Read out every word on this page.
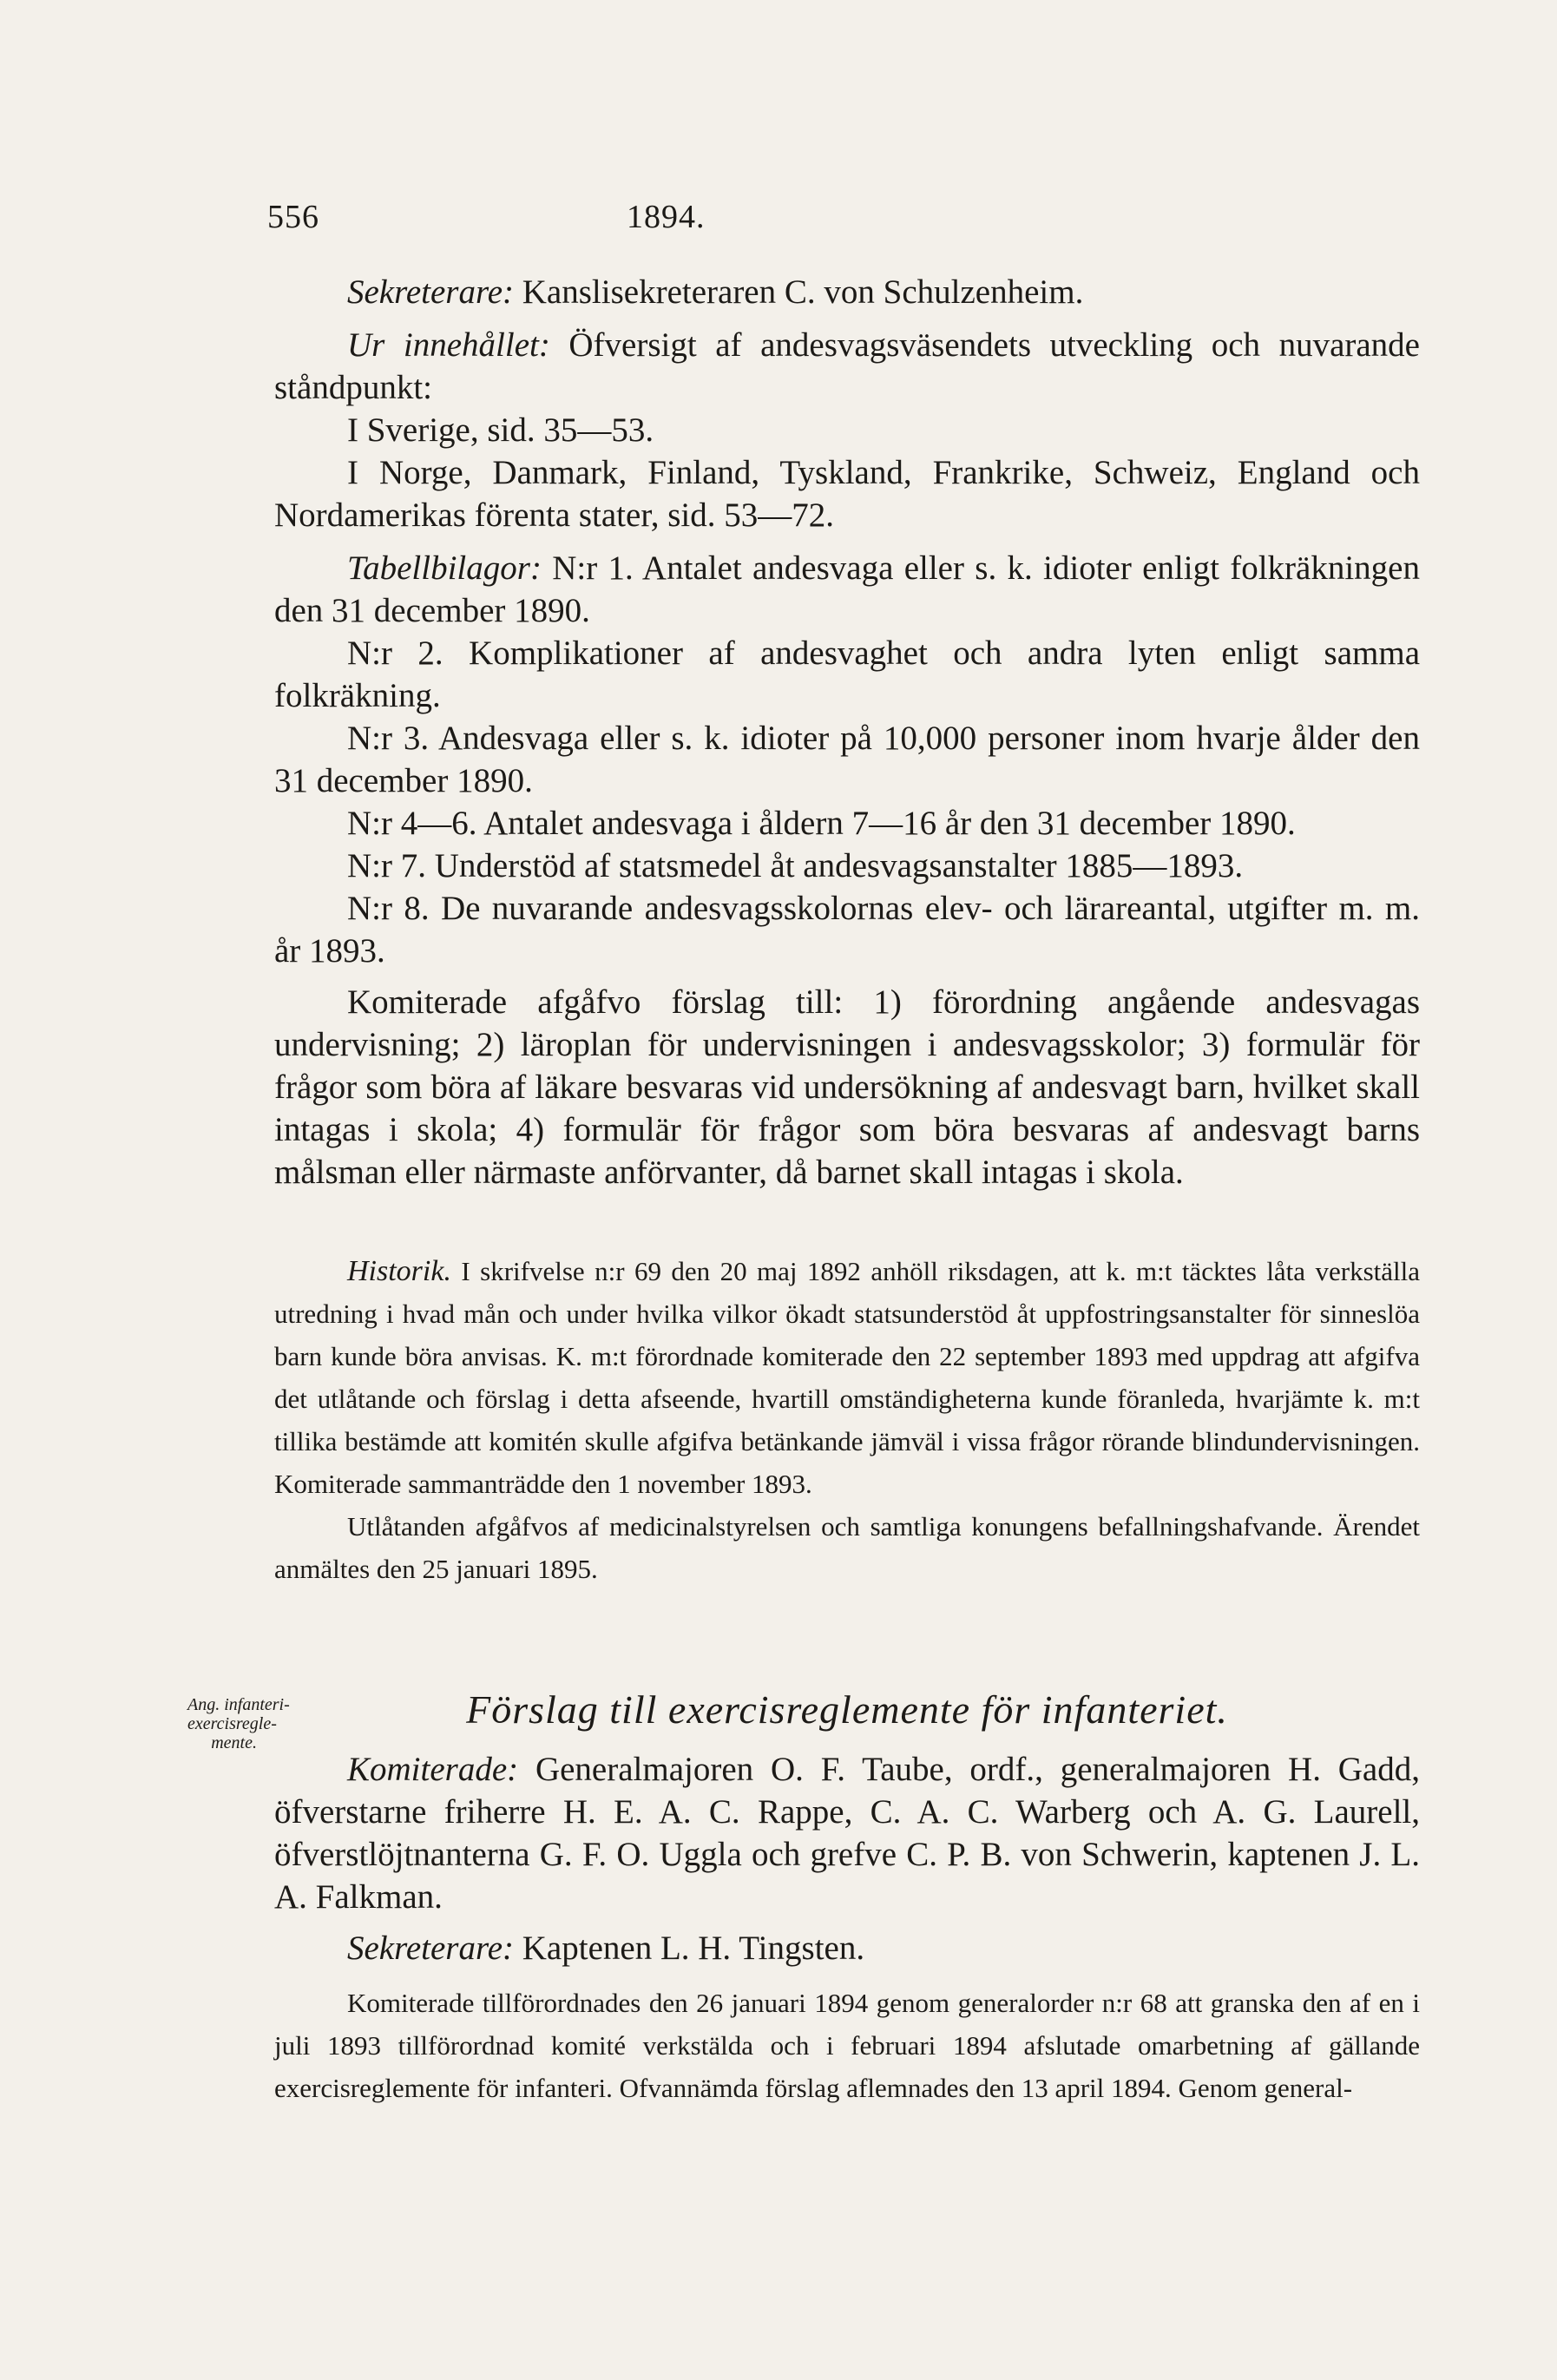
556	1894.

Sekreterare: Kanslisekreteraren C. von Schulzenheim.

Ur innehållet: Öfversigt af andesvagsväsendets utveckling och nuvarande ståndpunkt:

I Sverige, sid. 35—53.

I Norge, Danmark, Finland, Tyskland, Frankrike, Schweiz, England och Nordamerikas förenta stater, sid. 53—72.

Tabellbilagor: N:r 1. Antalet andesvaga eller s. k. idioter enligt folkräkningen den 31 december 1890.

N:r 2. Komplikationer af andesvaghet och andra lyten enligt samma folkräkning.

N:r 3. Andesvaga eller s. k. idioter på 10,000 personer inom hvarje ålder den 31 december 1890.

N:r 4—6. Antalet andesvaga i åldern 7—16 år den 31 december 1890.

N:r 7. Understöd af statsmedel åt andesvagsanstalter 1885—1893.

N:r 8. De nuvarande andesvagsskolornas elev- och lärareantal, utgifter m. m. år 1893.

Komiterade afgåfvo förslag till: 1) förordning angående andesvagas undervisning; 2) läroplan för undervisningen i andesvagsskolor; 3) formulär för frågor som böra af läkare besvaras vid undersökning af andesvagt barn, hvilket skall intagas i skola; 4) formulär för frågor som böra besvaras af andesvagt barns målsman eller närmaste anförvanter, då barnet skall intagas i skola.

Historik. I skrifvelse n:r 69 den 20 maj 1892 anhöll riksdagen, att k. m:t täcktes låta verkställa utredning i hvad mån och under hvilka vilkor ökadt statsunderstöd åt uppfostringsanstalter för sinneslöa barn kunde böra anvisas. K. m:t förordnade komiterade den 22 september 1893 med uppdrag att afgifva det utlåtande och förslag i detta afseende, hvartill omständigheterna kunde föranleda, hvarjämte k. m:t tillika bestämde att komitén skulle afgifva betänkande jämväl i vissa frågor rörande blindundervisningen. Komiterade sammanträdde den 1 november 1893.

Utlåtanden afgåfvos af medicinalstyrelsen och samtliga konungens befallningshafvande. Ärendet anmältes den 25 januari 1895.

Ang. infanteri-
exercisregle-
mente.
Förslag till exercisreglemente för infanteriet.

Komiterade: Generalmajoren O. F. Taube, ordf., generalmajoren H. Gadd, öfverstarne friherre H. E. A. C. Rappe, C. A. C. Warberg och A. G. Laurell, öfverstlöjtnanterna G. F. O. Uggla och grefve C. P. B. von Schwerin, kaptenen J. L. A. Falkman.

Sekreterare: Kaptenen L. H. Tingsten.

Komiterade tillförordnades den 26 januari 1894 genom generalorder n:r 68 att granska den af en i juli 1893 tillförordnad komité verkstälda och i februari 1894 afslutade omarbetning af gällande exercisreglemente för infanteri. Ofvannämda förslag aflemnades den 13 april 1894. Genom general-
